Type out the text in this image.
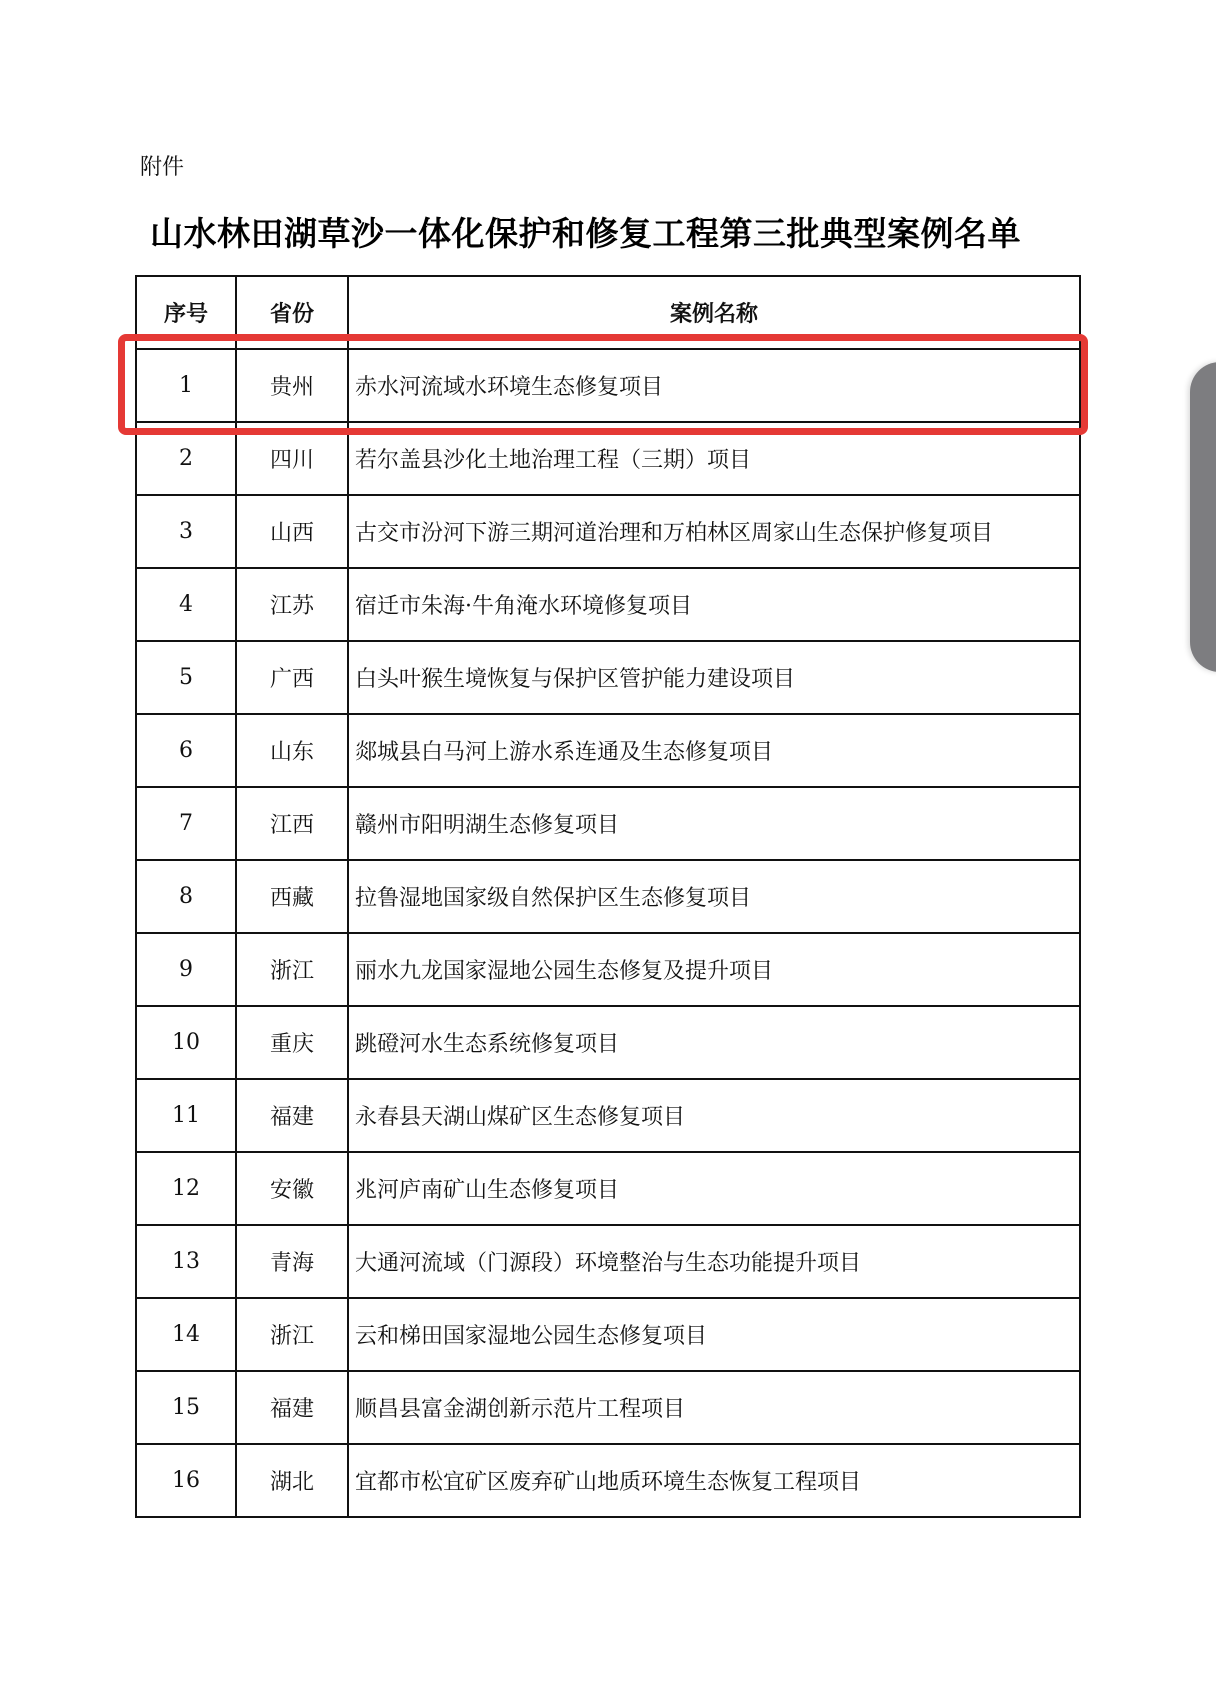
附件
山水林田湖草沙一体化保护和修复工程第三批典型案例名单
序号	省份	案例名称
1	贵州	赤水河流域水环境生态修复项目
2	四川	若尔盖县沙化土地治理工程（三期）项目
3	山西	古交市汾河下游三期河道治理和万柏林区周家山生态保护修复项目
4	江苏	宿迁市朱海·牛角淹水环境修复项目
5	广西	白头叶猴生境恢复与保护区管护能力建设项目
6	山东	郯城县白马河上游水系连通及生态修复项目
7	江西	赣州市阳明湖生态修复项目
8	西藏	拉鲁湿地国家级自然保护区生态修复项目
9	浙江	丽水九龙国家湿地公园生态修复及提升项目
10	重庆	跳磴河水生态系统修复项目
11	福建	永春县天湖山煤矿区生态修复项目
12	安徽	兆河庐南矿山生态修复项目
13	青海	大通河流域（门源段）环境整治与生态功能提升项目
14	浙江	云和梯田国家湿地公园生态修复项目
15	福建	顺昌县富金湖创新示范片工程项目
16	湖北	宜都市松宜矿区废弃矿山地质环境生态恢复工程项目
